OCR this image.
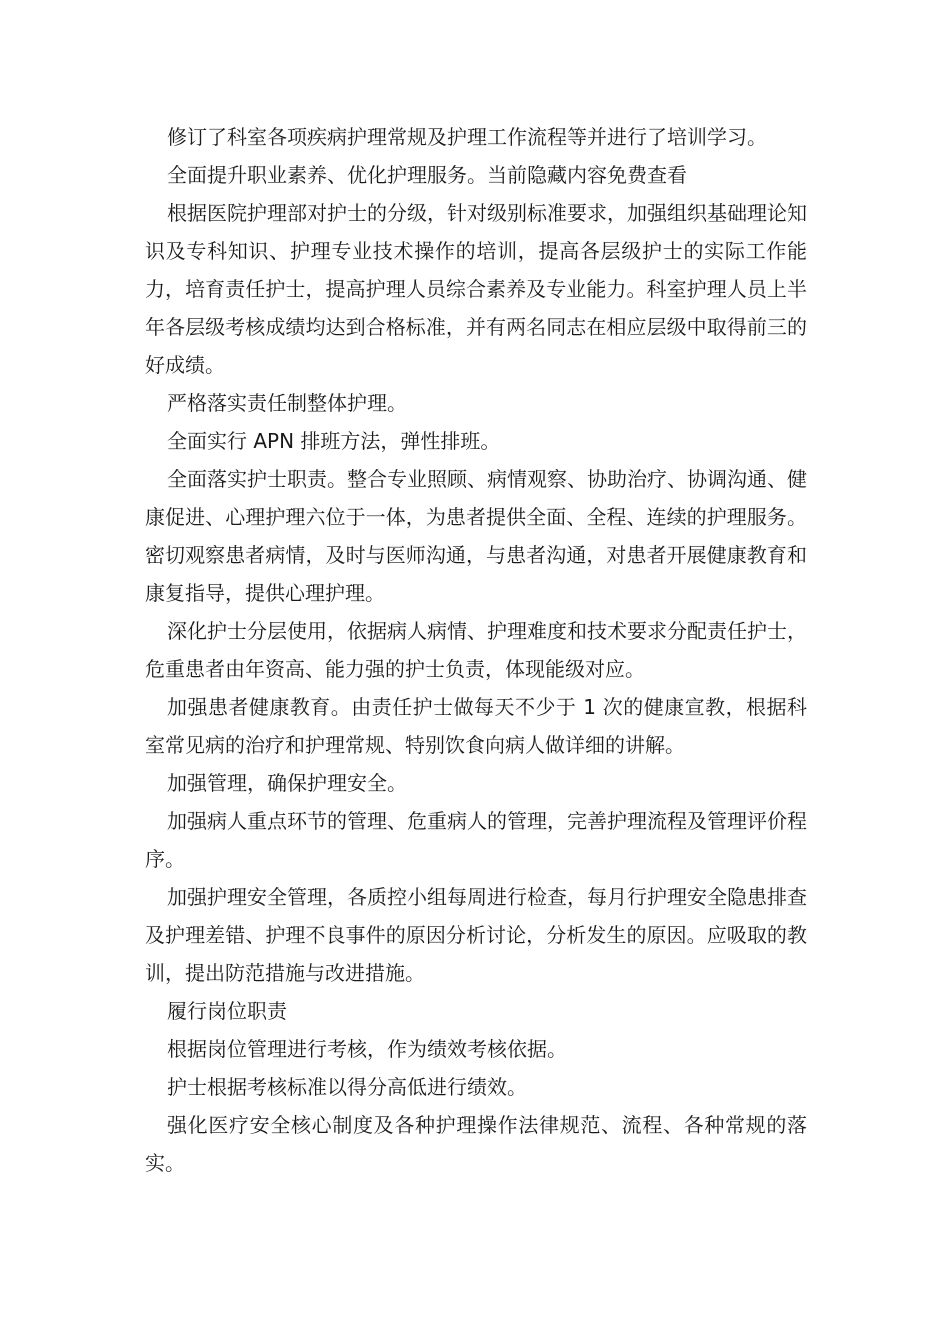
修订了科室各项疾病护理常规及护理工作流程等并进行了培训学习。

全面提升职业素养、优化护理服务。当前隐藏内容免费查看

根据医院护理部对护士的分级，针对级别标准要求，加强组织基础理论知识及专科知识、护理专业技术操作的培训，提高各层级护士的实际工作能力，培育责任护士，提高护理人员综合素养及专业能力。科室护理人员上半年各层级考核成绩均达到合格标准，并有两名同志在相应层级中取得前三的好成绩。

严格落实责任制整体护理。

全面实行 APN 排班方法，弹性排班。

全面落实护士职责。整合专业照顾、病情观察、协助治疗、协调沟通、健康促进、心理护理六位于一体，为患者提供全面、全程、连续的护理服务。密切观察患者病情，及时与医师沟通，与患者沟通，对患者开展健康教育和康复指导，提供心理护理。

深化护士分层使用，依据病人病情、护理难度和技术要求分配责任护士，危重患者由年资高、能力强的护士负责，体现能级对应。

加强患者健康教育。由责任护士做每天不少于 1 次的健康宣教，根据科室常见病的治疗和护理常规、特别饮食向病人做详细的讲解。

加强管理，确保护理安全。

加强病人重点环节的管理、危重病人的管理，完善护理流程及管理评价程序。

加强护理安全管理，各质控小组每周进行检查，每月行护理安全隐患排查及护理差错、护理不良事件的原因分析讨论，分析发生的原因。应吸取的教训，提出防范措施与改进措施。

履行岗位职责

根据岗位管理进行考核，作为绩效考核依据。

护士根据考核标准以得分高低进行绩效。

强化医疗安全核心制度及各种护理操作法律规范、流程、各种常规的落实。
